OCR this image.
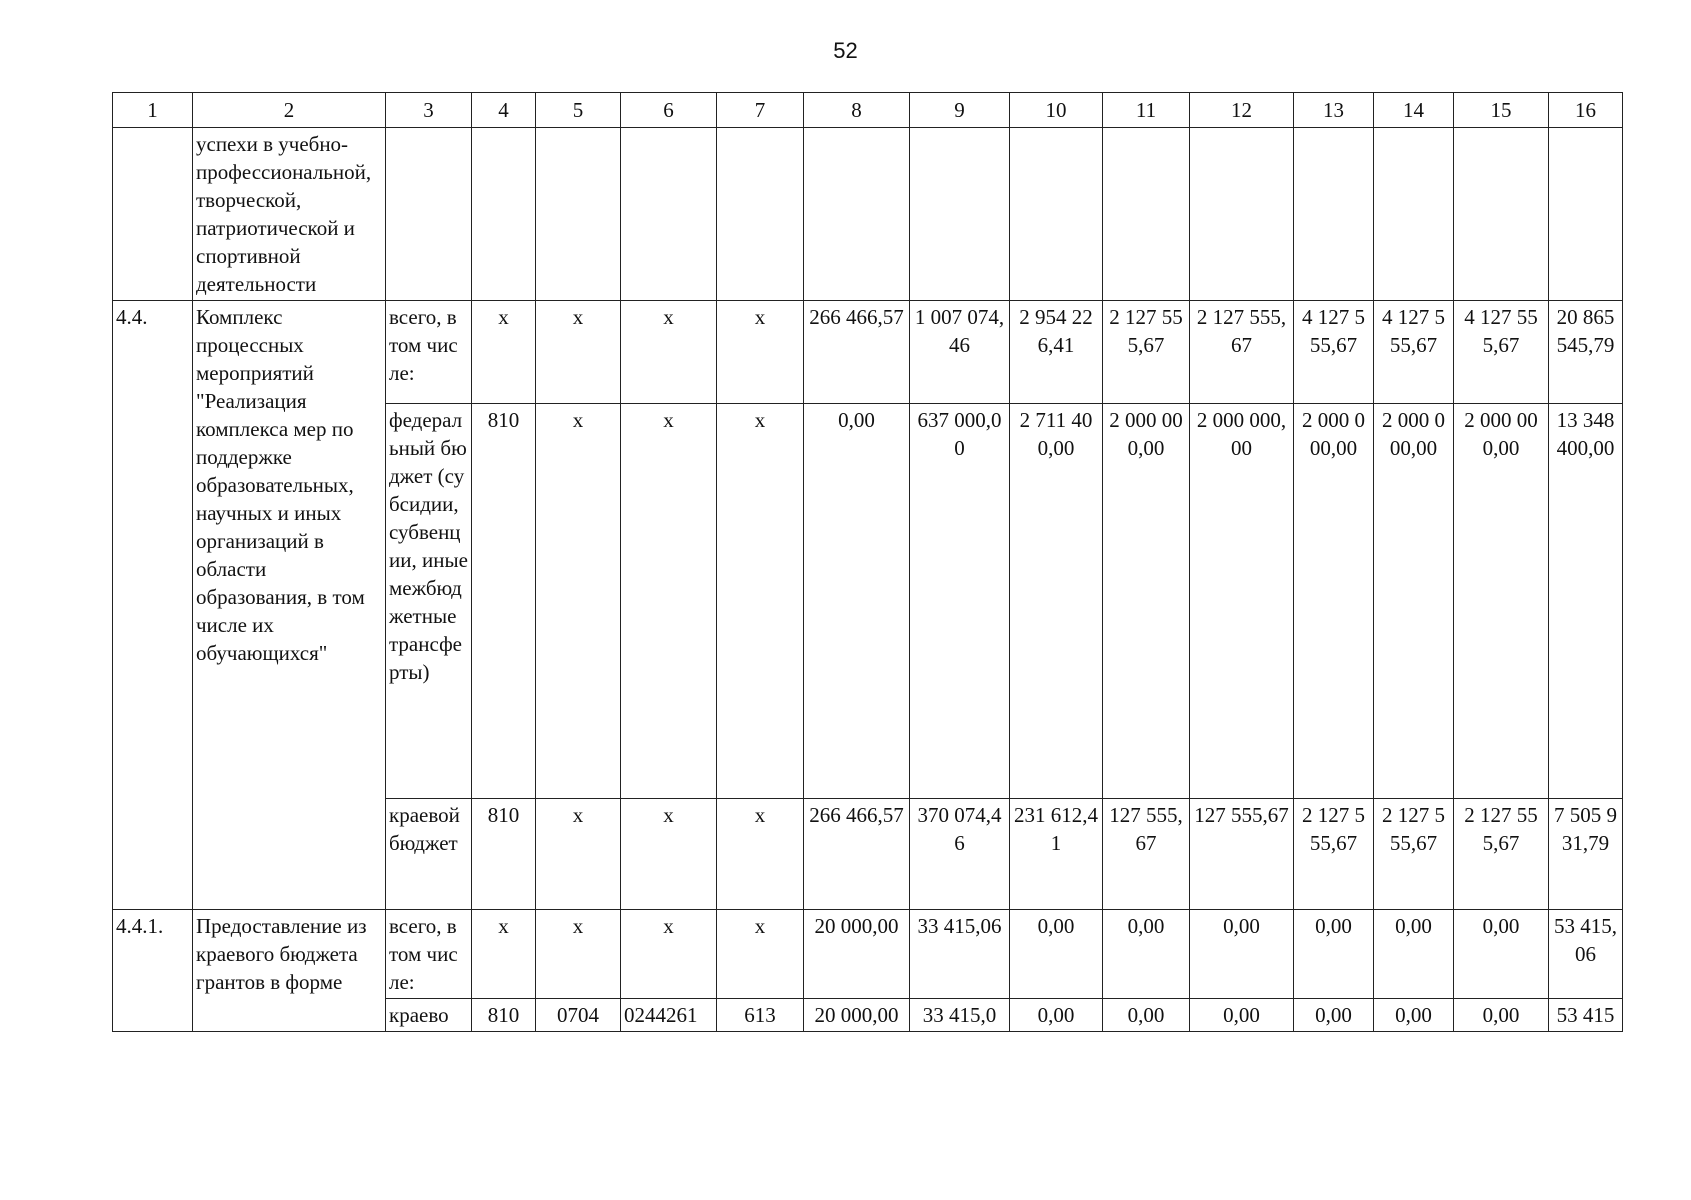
52
1	2	3	4	5	6	7	8	9	10	11	12	13	14	15	16
	успехи в учебно-профессиональной, творческой, патриотической и спортивной деятельности														
4.4.	Комплекс процессных мероприятий "Реализация комплекса мер по поддержке образовательных, научных и иных организаций в области образования, в том числе их обучающихся"	всего, в том числе:	х	х	х	х	266 466,57	1 007 074,46	2 954 226,41	2 127 555,67	2 127 555,67	4 127 555,67	4 127 555,67	4 127 555,67	20 865 545,79
		федеральный бюджет (субсидии, субвенции, иные межбюджетные трансферты)	810	х	х	х	0,00	637 000,00	2 711 400,00	2 000 000,00	2 000 000,00	2 000 000,00	2 000 000,00	2 000 000,00	13 348 400,00
		краевой бюджет	810	х	х	х	266 466,57	370 074,46	231 612,41	127 555,67	127 555,67	2 127 555,67	2 127 555,67	2 127 555,67	7 505 931,79
4.4.1.	Предоставление из краевого бюджета грантов в форме	всего, в том числе:	х	х	х	х	20 000,00	33 415,06	0,00	0,00	0,00	0,00	0,00	0,00	53 415,06
		краево	810	0704	0244261	613	20 000,00	33 415,0	0,00	0,00	0,00	0,00	0,00	0,00	53 415
